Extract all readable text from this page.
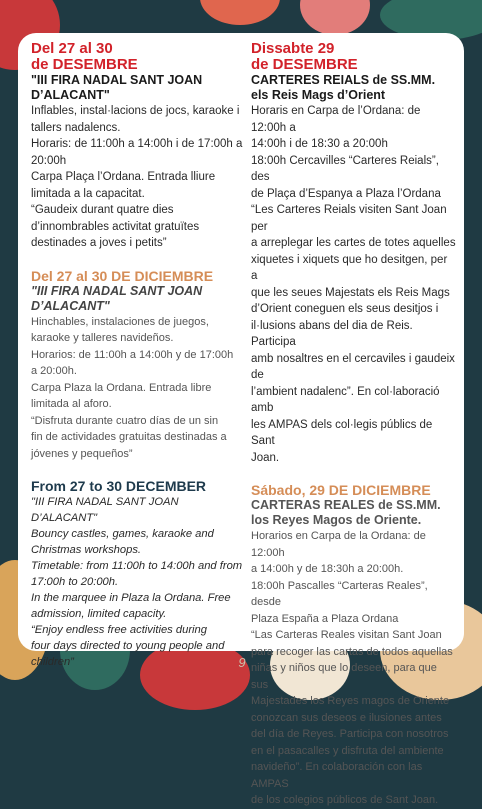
Del 27 al 30

de DESEMBRE

"III FIRA NADAL SANT JOAN D’ALACANT"

Inflables, instal·lacions de jocs, karaoke i

tallers nadalencs.

Horaris: de 11:00h a 14:00h i de 17:00h a

20:00h

Carpa Plaça l’Ordana. Entrada lliure

limitada a la capacitat.

“Gaudeix durant quatre dies

d’innombrables activitat gratuïtes

destinades a joves i petits”

Del 27 al 30 DE DICIEMBRE

"III FIRA NADAL SANT JOAN D’ALACANT"

Hinchables, instalaciones de juegos,

karaoke y talleres navideños.

Horarios: de 11:00h a 14:00h y de 17:00h

a 20:00h.

Carpa Plaza la Ordana. Entrada libre

limitada al aforo.

“Disfruta durante cuatro días de un sin

fin de actividades gratuitas destinadas a

jóvenes y pequeños”

From 27 to 30 DECEMBER

"III FIRA NADAL SANT JOAN D’ALACANT"

Bouncy castles, games, karaoke and

Christmas workshops.

Timetable: from 11:00h to 14:00h and from

17:00h to 20:00h.

In the marquee in Plaza la Ordana. Free

admission, limited capacity.

“Enjoy endless free activities during

four days directed to young people and

children”

Dissabte 29

de DESEMBRE

CARTERES REIALS de SS.MM.

els Reis Mags d’Orient

Horaris en Carpa de l’Ordana: de 12:00h a

14:00h i de 18:30 a 20:00h

18:00h Cercavilles “Carteres Reials”, des

de Plaça d’Espanya a Plaza l’Ordana

“Les Carteres Reials visiten Sant Joan per

a arreplegar les cartes de totes aquelles

xiquetes i xiquets que ho desitgen, per a

que les seues Majestats els Reis Mags

d’Orient coneguen els seus desitjos i

il·lusions abans del dia de Reis. Participa

amb nosaltres en el cercaviles i gaudeix de

l’ambient nadalenc”. En col·laboració amb

les AMPAS dels col·legis públics de Sant

Joan.

Sábado, 29 DE DICIEMBRE

CARTERAS REALES de SS.MM.

los Reyes Magos de Oriente.

Horarios en Carpa de la Ordana: de 12:00h

a 14:00h y de 18:30h a 20:00h.

18:00h Pascalles “Carteras Reales”, desde

Plaza España a Plaza Ordana

“Las Carteras Reales visitan Sant Joan

para recoger las cartas de todos aquellas

niñas y niños que lo deseen, para que sus

Majestades los Reyes magos de Oriente

conozcan sus deseos e ilusiones antes

del día de Reyes. Participa con nosotros

en el pasacalles y disfruta del ambiente

navideño”. En colaboración con las AMPAS

de los colegios públicos de Sant Joan.

9
